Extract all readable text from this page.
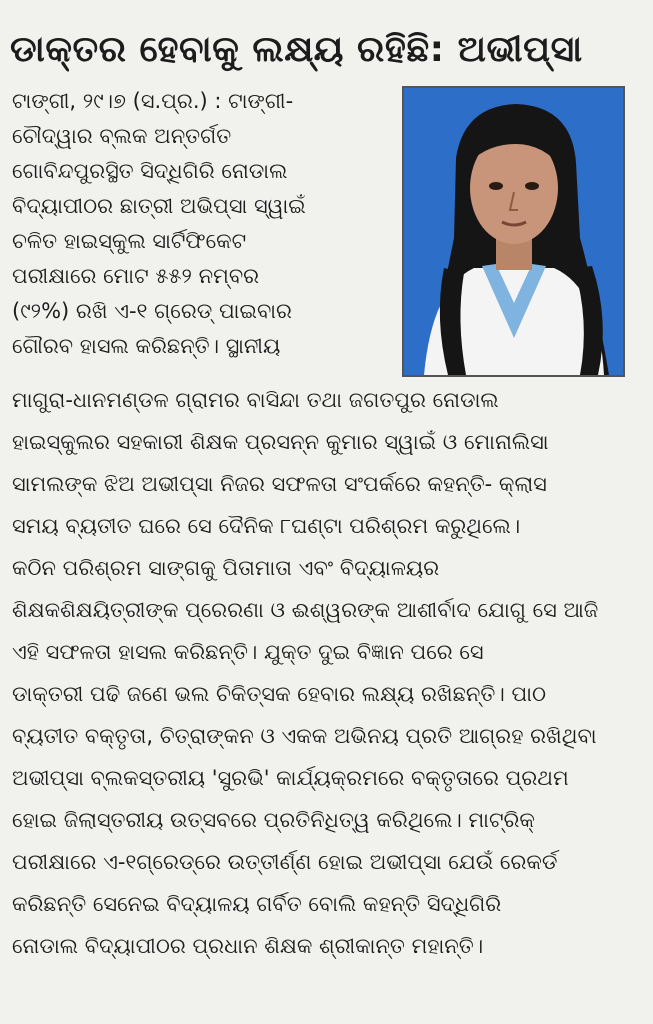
ଡାକ୍ତର ହେବାକୁ ଲକ୍ଷ୍ୟ ରହିଛି: ଅଭୀପ୍ସା
ଟାଙ୍ଗୀ, ୨୯।୭ (ସ.ପ୍ର.) : ଟାଙ୍ଗୀ-
ଚୌଦ୍ୱାର ବ୍ଲକ ଅନ୍ତର୍ଗତ
ଗୋବିନ୍ଦପୁରସ୍ଥିତ ସିଦ୍ଧିଗିରି ନୋଡାଲ
ବିଦ୍ୟାପୀଠର ଛାତ୍ରୀ ଅଭିପ୍ସା ସ୍ୱାଇଁ
ଚଳିତ ହାଇସ୍କୁଲ ସାର୍ଟିଫିକେଟ
ପରୀକ୍ଷାରେ ମୋଟ ୫୫୨ ନମ୍ବର
(୯୨%) ରଖି ଏ-୧ ଗ୍ରେଡ୍ ପାଇବାର
ଗୌରବ ହାସଲ କରିଛନ୍ତି। ସ୍ଥାନୀୟ
ମାଗୁରା-ଧାନମଣ୍ଡଳ ଗ୍ରାମର ବାସିନ୍ଦା ତଥା ଜଗତପୁର ନୋଡାଲ
ହାଇସ୍କୁଲର ସହକାରୀ ଶିକ୍ଷକ ପ୍ରସନ୍ନ କୁମାର ସ୍ୱାଇଁ ଓ ମୋନାଲିସା
ସାମଲଙ୍କ ଝିଅ ଅଭୀପ୍ସା ନିଜର ସଫଳତା ସଂପର୍କରେ କହନ୍ତି- କ୍ଲାସ
ସମୟ ବ୍ୟତୀତ ଘରେ ସେ ଦୈନିକ ୮ଘଣ୍ଟା ପରିଶ୍ରମ କରୁଥିଲେ।
କଠିନ ପରିଶ୍ରମ ସାଙ୍ଗକୁ ପିତାମାତା ଏବଂ ବିଦ୍ୟାଳୟର
ଶିକ୍ଷକଶିକ୍ଷୟିତ୍ରୀଙ୍କ ପ୍ରେରଣା ଓ ଈଶ୍ୱରଙ୍କ ଆଶୀର୍ବାଦ ଯୋଗୁ ସେ ଆଜି
ଏହି ସଫଳତା ହାସଲ କରିଛନ୍ତି। ଯୁକ୍ତ ଦୁଇ ବିଜ୍ଞାନ ପରେ ସେ
ଡାକ୍ତରୀ ପଢି ଜଣେ ଭଲ ଚିକିତ୍ସକ ହେବାର ଲକ୍ଷ୍ୟ ରଖିଛନ୍ତି। ପାଠ
ବ୍ୟତୀତ ବକ୍ତୃତା, ଚିତ୍ରାଙ୍କନ ଓ ଏକକ ଅଭିନୟ ପ୍ରତି ଆଗ୍ରହ ରଖିଥିବା
ଅଭୀପ୍ସା ବ୍ଲକସ୍ତରୀୟ 'ସୁରଭି' କାର୍ଯ୍ୟକ୍ରମରେ ବକ୍ତୃତାରେ ପ୍ରଥମ
ହୋଇ ଜିଲାସ୍ତରୀୟ ଉତ୍ସବରେ ପ୍ରତିନିଧିତ୍ୱ କରିଥିଲେ। ମାଟ୍ରିକ୍
ପରୀକ୍ଷାରେ ଏ-୧ଗ୍ରେଡ୍‌ରେ ଉତ୍ତୀର୍ଣ୍ଣ ହୋଇ ଅଭୀପ୍ସା ଯେଉଁ ରେକର୍ଡ
କରିଛନ୍ତି ସେନେଇ ବିଦ୍ୟାଳୟ ଗର୍ବିତ ବୋଲି କହନ୍ତି ସିଦ୍ଧିଗିରି
ନୋଡାଲ ବିଦ୍ୟାପୀଠର ପ୍ରଧାନ ଶିକ୍ଷକ ଶ୍ରୀକାନ୍ତ ମହାନ୍ତି।
